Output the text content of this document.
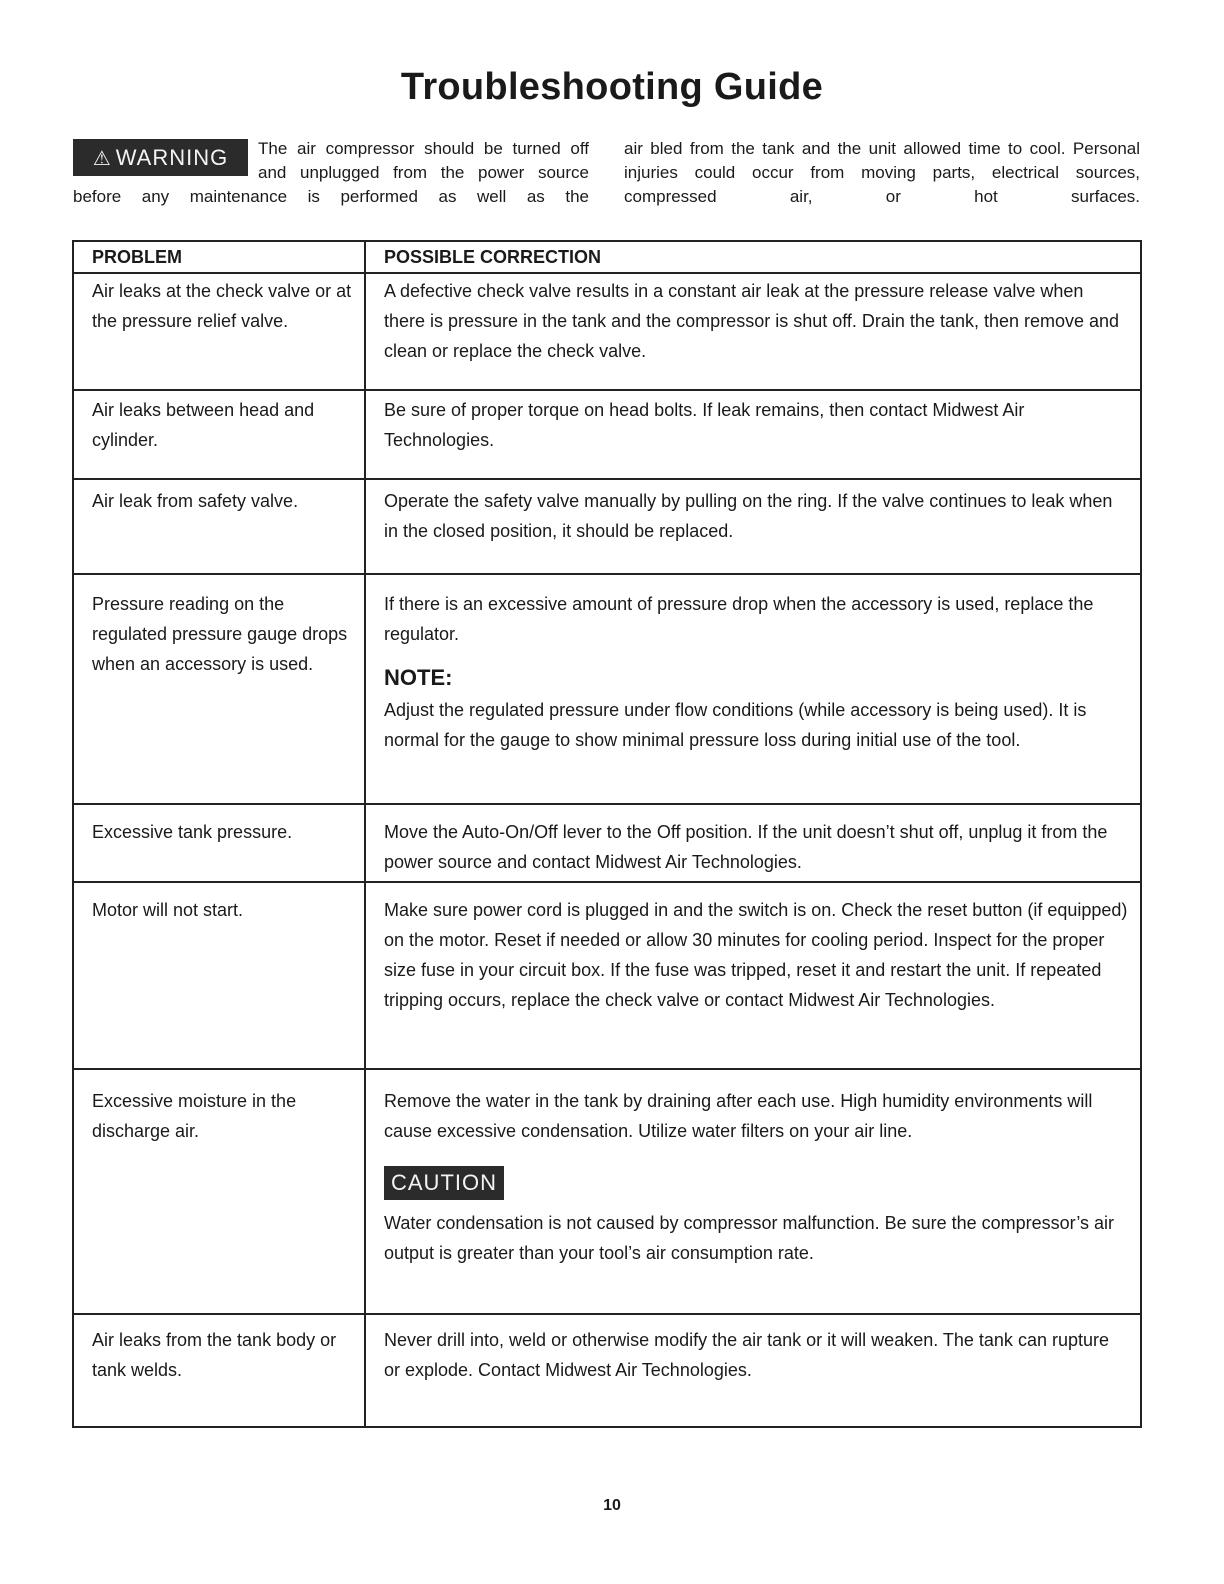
Troubleshooting Guide
⚠ WARNING	The air compressor should be turned off and unplugged from the power source before any maintenance is performed as well as the
air bled from the tank and the unit allowed time to cool. Personal injuries could occur from moving parts, electrical sources, compressed air, or hot surfaces.
PROBLEM	POSSIBLE CORRECTION
Air leaks at the check valve or at the pressure relief valve.	A defective check valve results in a constant air leak at the pressure release valve when there is pressure in the tank and the compressor is shut off. Drain the tank, then remove and clean or replace the check valve.
Air leaks between head and cylinder.	Be sure of proper torque on head bolts. If leak remains, then contact Midwest Air Technologies.
Air leak from safety valve.	Operate the safety valve manually by pulling on the ring. If the valve continues to leak when in the closed position, it should be replaced.
Pressure reading on the regulated pressure gauge drops when an accessory is used.	If there is an excessive amount of pressure drop when the accessory is used, replace the regulator.
NOTE:
Adjust the regulated pressure under flow conditions (while accessory is being used). It is normal for the gauge to show minimal pressure loss during initial use of the tool.

Excessive tank pressure.	Move the Auto-On/Off lever to the Off position. If the unit doesn’t shut off, unplug it from the power source and contact Midwest Air Technologies.
Motor will not start.	Make sure power cord is plugged in and the switch is on. Check the reset button (if equipped) on the motor. Reset if needed or allow 30 minutes for cooling period. Inspect for the proper size fuse in your circuit box. If the fuse was tripped, reset it and restart the unit. If repeated tripping occurs, replace the check valve or contact Midwest Air Technologies.
Excessive moisture in the discharge air.	Remove the water in the tank by draining after each use. High humidity environments will cause excessive condensation. Utilize water filters on your air line.
CAUTION
Water condensation is not caused by compressor malfunction. Be sure the compressor’s air output is greater than your tool’s air consumption rate.

Air leaks from the tank body or tank welds.	Never drill into, weld or otherwise modify the air tank or it will weaken. The tank can rupture or explode. Contact Midwest Air Technologies.
10
